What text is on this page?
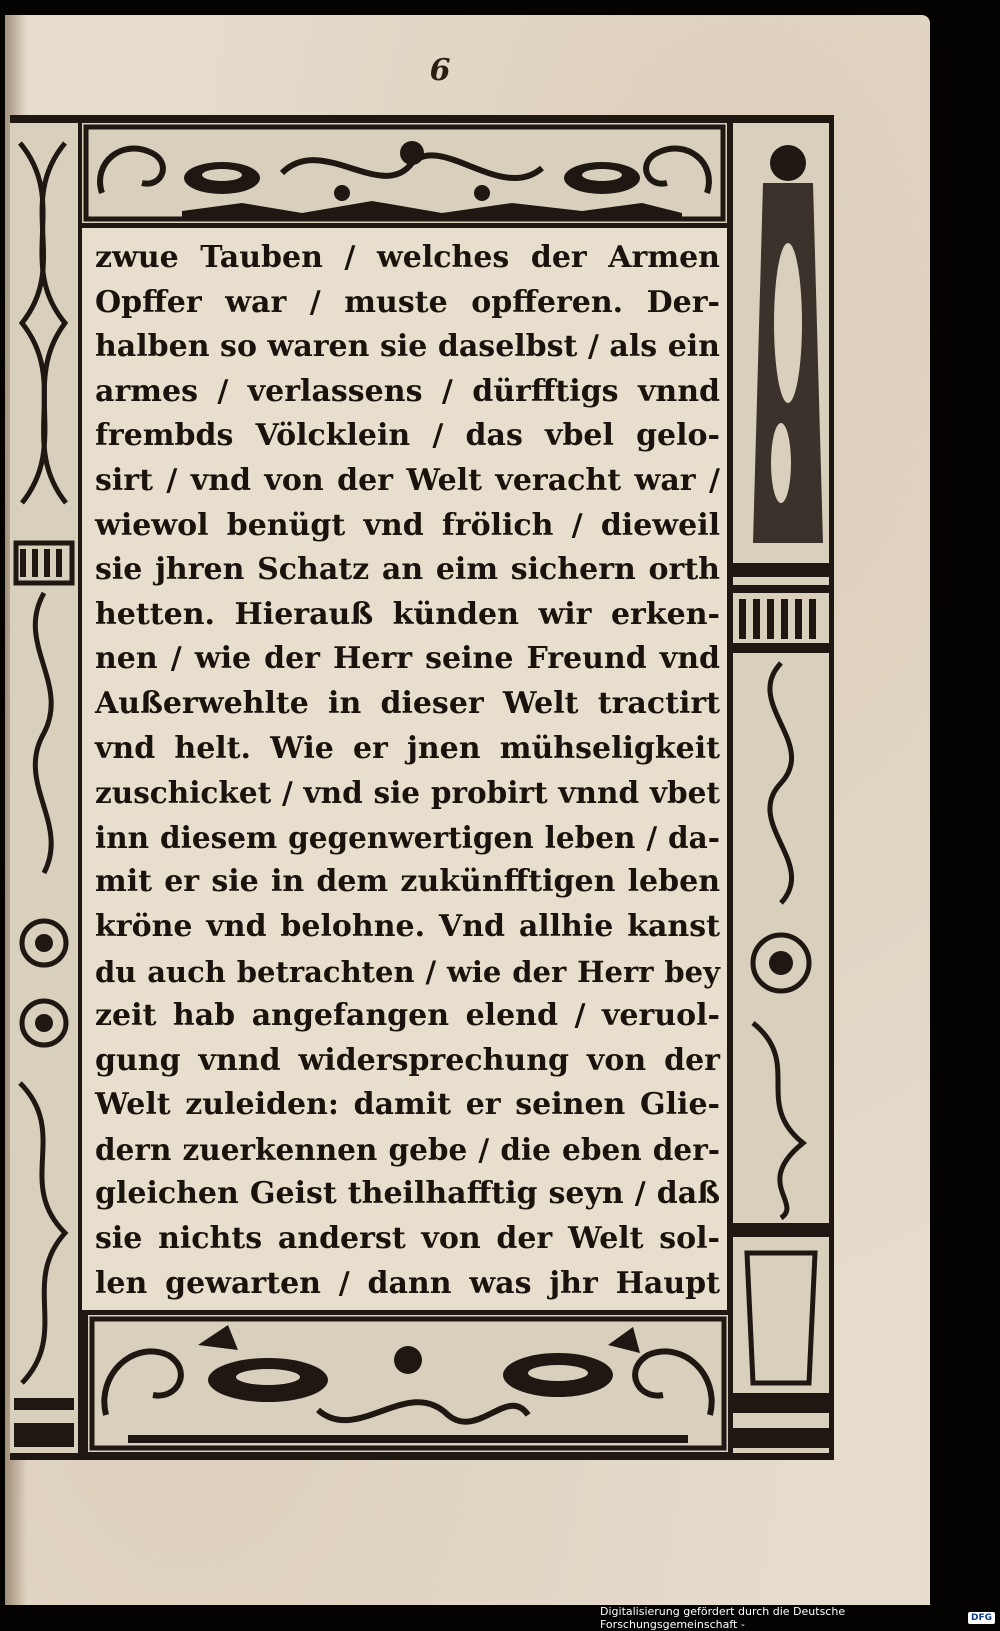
6
zwue Tauben / welches der Armen
Opffer war / muste opfferen. Der-
halben so waren sie daselbst / als ein
armes / verlassens / dürfftigs vnnd
frembds Völcklein / das vbel gelo-
sirt / vnd von der Welt veracht war /
wiewol benügt vnd frölich / dieweil
sie jhren Schatz an eim sichern orth
hetten. Hierauß künden wir erken-
nen / wie der Herr seine Freund vnd
Außerwehlte in dieser Welt tractirt
vnd helt. Wie er jnen mühseligkeit
zuschicket / vnd sie probirt vnnd vbet
inn diesem gegenwertigen leben / da-
mit er sie in dem zukünfftigen leben
kröne vnd belohne. Vnd allhie kanst
du auch betrachten / wie der Herr bey
zeit hab angefangen elend / veruol-
gung vnnd widersprechung von der
Welt zuleiden: damit er seinen Glie-
dern zuerkennen gebe / die eben der-
gleichen Geist theilhafftig seyn / daß
sie nichts anderst von der Welt sol-
len gewarten / dann was jhr Haupt
Digitalisierung gefördert durch die Deutsche Forschungsgemeinschaft -	DFG
